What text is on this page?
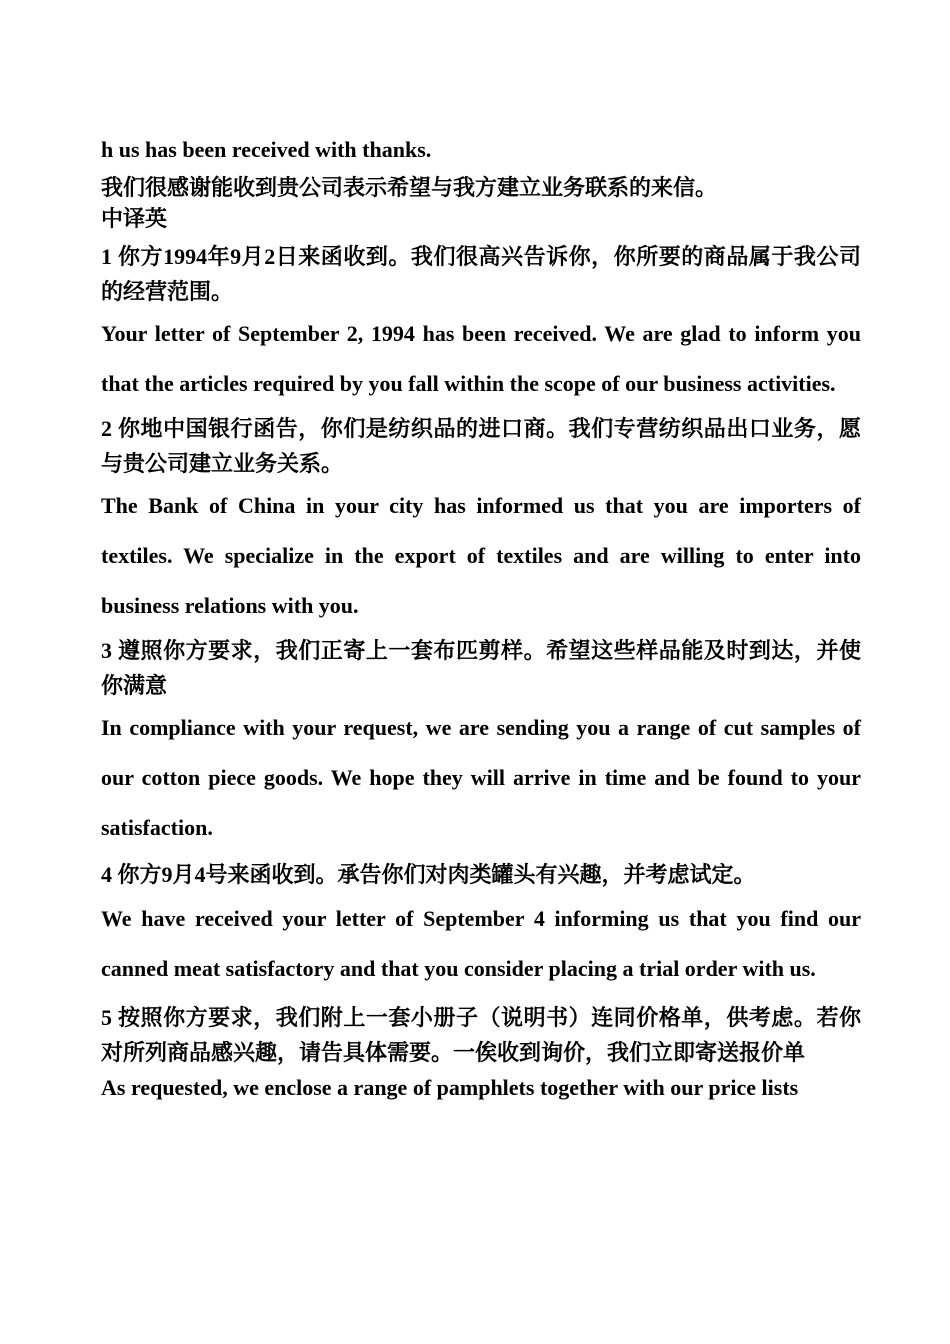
h us has been received with thanks.
我们很感谢能收到贵公司表示希望与我方建立业务联系的来信。
中译英
1 你方1994年9月2日来函收到。我们很高兴告诉你，你所要的商品属于我公司的经营范围。
Your letter of September 2, 1994 has been received. We are glad to inform you that the articles required by you fall within the scope of our business activities.
2 你地中国银行函告，你们是纺织品的进口商。我们专营纺织品出口业务，愿与贵公司建立业务关系。
The Bank of China in your city has informed us that you are importers of textiles. We specialize in the export of textiles and are willing to enter into business relations with you.
3 遵照你方要求，我们正寄上一套布匹剪样。希望这些样品能及时到达，并使你满意
In compliance with your request, we are sending you a range of cut samples of our cotton piece goods. We hope they will arrive in time and be found to your satisfaction.
4 你方9月4号来函收到。承告你们对肉类罐头有兴趣，并考虑试定。
We have received your letter of September 4 informing us that you find our canned meat satisfactory and that you consider placing a trial order with us.
5 按照你方要求，我们附上一套小册子（说明书）连同价格单，供考虑。若你对所列商品感兴趣，请告具体需要。一俟收到询价，我们立即寄送报价单
As requested, we enclose a range of pamphlets together with our price lists
